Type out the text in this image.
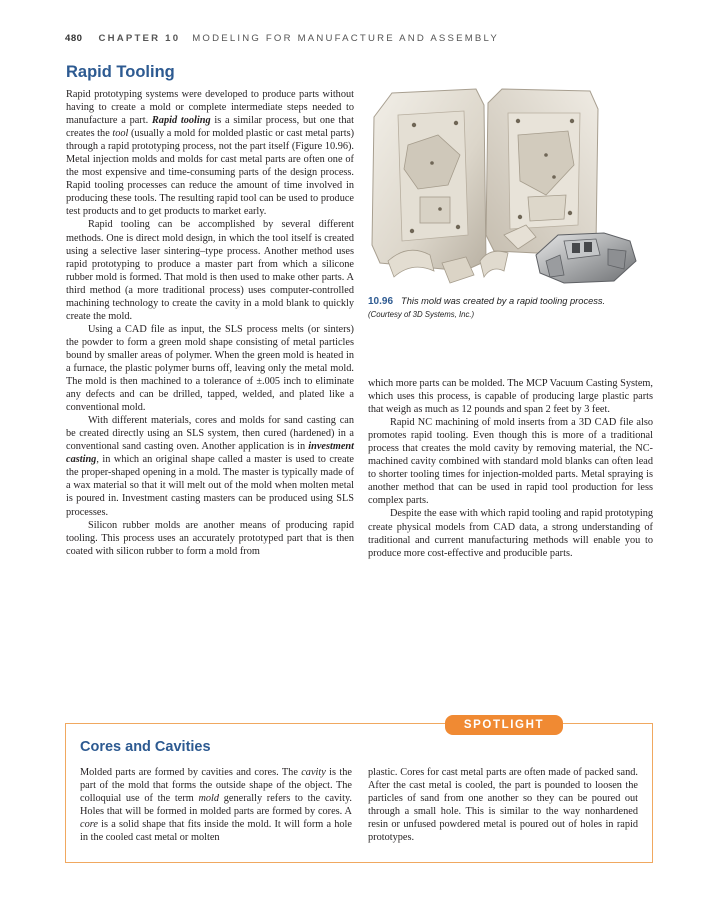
480 CHAPTER 10 MODELING FOR MANUFACTURE AND ASSEMBLY
Rapid Tooling

Rapid prototyping systems were developed to produce parts without having to create a mold or complete intermediate steps needed to manufacture a part. Rapid tooling is a similar process, but one that creates the tool (usually a mold for molded plastic or cast metal parts) through a rapid prototyping process, not the part itself (Figure 10.96). Metal injection molds and molds for cast metal parts are often one of the most expensive and time-consuming parts of the design process. Rapid tooling processes can reduce the amount of time involved in producing these tools. The resulting rapid tool can be used to produce test products and to get products to market early.

Rapid tooling can be accomplished by several different methods. One is direct mold design, in which the tool itself is created using a selective laser sintering–type process. Another method uses rapid prototyping to produce a master part from which a silicone rubber mold is formed. That mold is then used to make other parts. A third method (a more traditional process) uses computer-controlled machining technology to create the cavity in a mold blank to quickly create the mold.

Using a CAD file as input, the SLS process melts (or sinters) the powder to form a green mold shape consisting of metal particles bound by smaller areas of polymer. When the green mold is heated in a furnace, the plastic polymer burns off, leaving only the metal mold. The mold is then machined to a tolerance of ±.005 inch to eliminate any defects and can be drilled, tapped, welded, and plated like a conventional mold.

With different materials, cores and molds for sand casting can be created directly using an SLS system, then cured (hardened) in a conventional sand casting oven. Another application is in investment casting, in which an original shape called a master is used to create the proper-shaped opening in a mold. The master is typically made of a wax material so that it will melt out of the mold when molten metal is poured in. Investment casting masters can be produced using SLS processes.

Silicon rubber molds are another means of producing rapid tooling. This process uses an accurately prototyped part that is then coated with silicon rubber to form a mold from

10.96 This mold was created by a rapid tooling process.
(Courtesy of 3D Systems, Inc.)

which more parts can be molded. The MCP Vacuum Casting System, which uses this process, is capable of producing large plastic parts that weigh as much as 12 pounds and span 2 feet by 3 feet.

Rapid NC machining of mold inserts from a 3D CAD file also promotes rapid tooling. Even though this is more of a traditional process that creates the mold cavity by removing material, the NC-machined cavity combined with standard mold blanks can often lead to shorter tooling times for injection-molded parts. Metal spraying is another method that can be used in rapid tool production for less complex parts.

Despite the ease with which rapid tooling and rapid prototyping create physical models from CAD data, a strong understanding of traditional and current manufacturing methods will enable you to produce more cost-effective and producible parts.

SPOTLIGHT
Cores and Cavities
Molded parts are formed by cavities and cores. The cavity is the part of the mold that forms the outside shape of the object. The colloquial use of the term mold generally refers to the cavity. Holes that will be formed in molded parts are formed by cores. A core is a solid shape that fits inside the mold. It will form a hole in the cooled cast metal or molten
plastic. Cores for cast metal parts are often made of packed sand. After the cast metal is cooled, the part is pounded to loosen the particles of sand from one another so they can be poured out through a small hole. This is similar to the way nonhardened resin or unfused powdered metal is poured out of holes in rapid prototypes.
